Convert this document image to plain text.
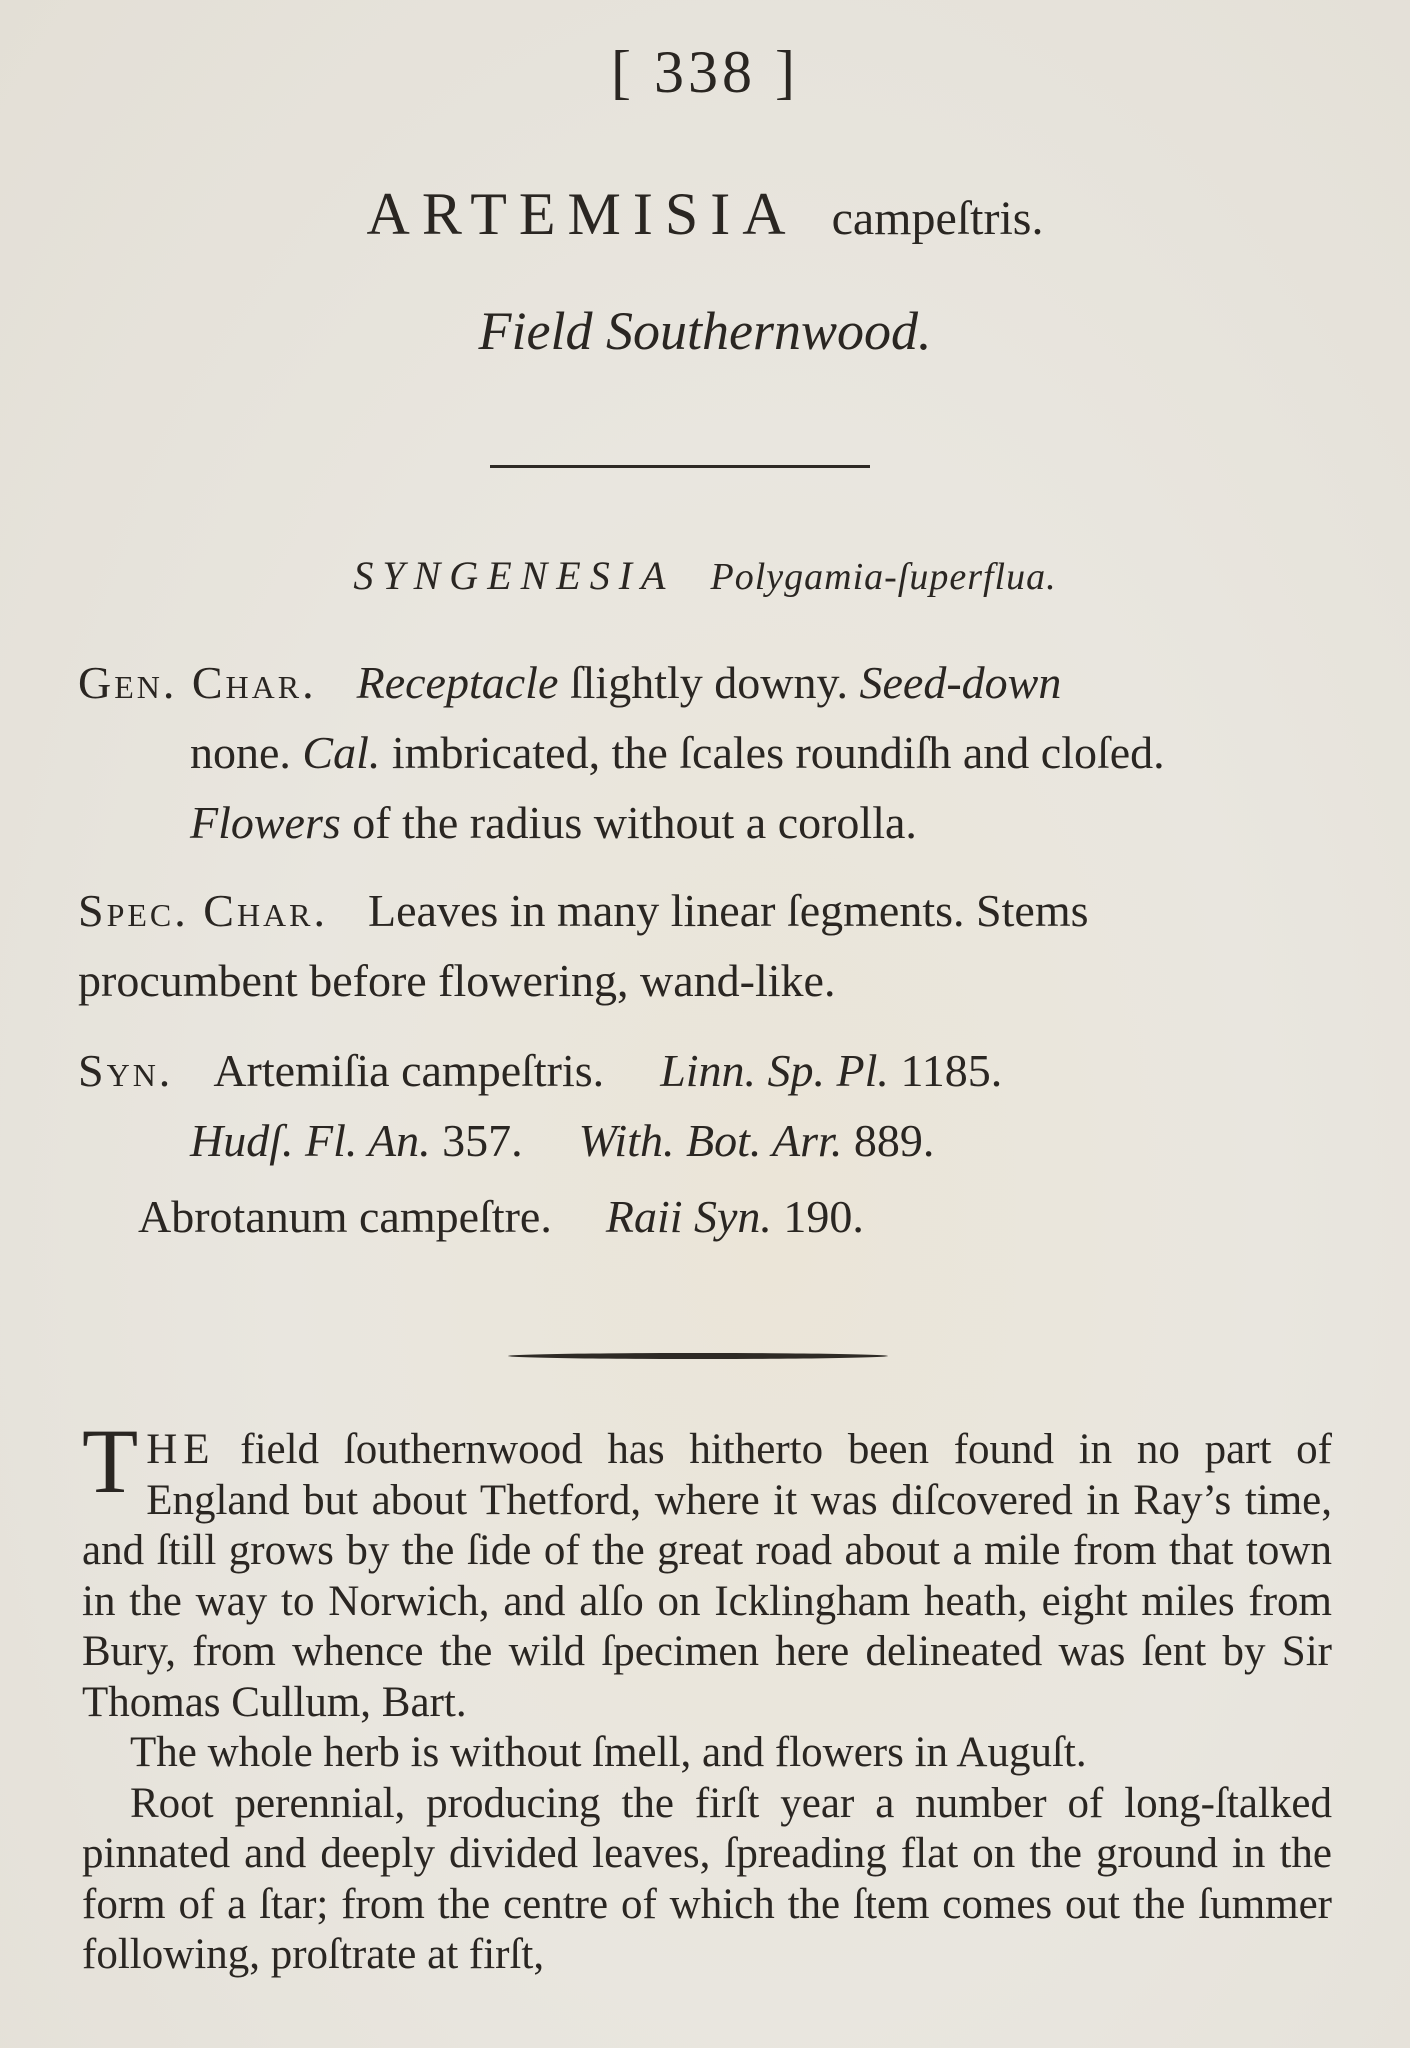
[ 338 ]
ARTEMISIA campeſtris.
Field Southernwood.
SYNGENESIA Polygamia-ſuperflua.
Gen. Char. Receptacle ſlightly downy. Seed-down
none. Cal. imbricated, the ſcales roundiſh and cloſed. Flowers of the radius without a corolla.
Spec. Char. Leaves in many linear ſegments. Stems procumbent before flowering, wand-like.
Syn. Artemiſia campeſtris. Linn. Sp. Pl. 1185.
Hudſ. Fl. An. 357. With. Bot. Arr. 889.
Abrotanum campeſtre. Raii Syn. 190.

THE field ſouthernwood has hitherto been found in no part of England but about Thetford, where it was diſcovered in Ray’s time, and ſtill grows by the ſide of the great road about a mile from that town in the way to Norwich, and alſo on Icklingham heath, eight miles from Bury, from whence the wild ſpecimen here delineated was ſent by Sir Thomas Cullum, Bart.

The whole herb is without ſmell, and flowers in Auguſt.

Root perennial, producing the firſt year a number of long-ſtalked pinnated and deeply divided leaves, ſpreading flat on the ground in the form of a ſtar; from the centre of which the ſtem comes out the ſummer following, proſtrate at firſt,
